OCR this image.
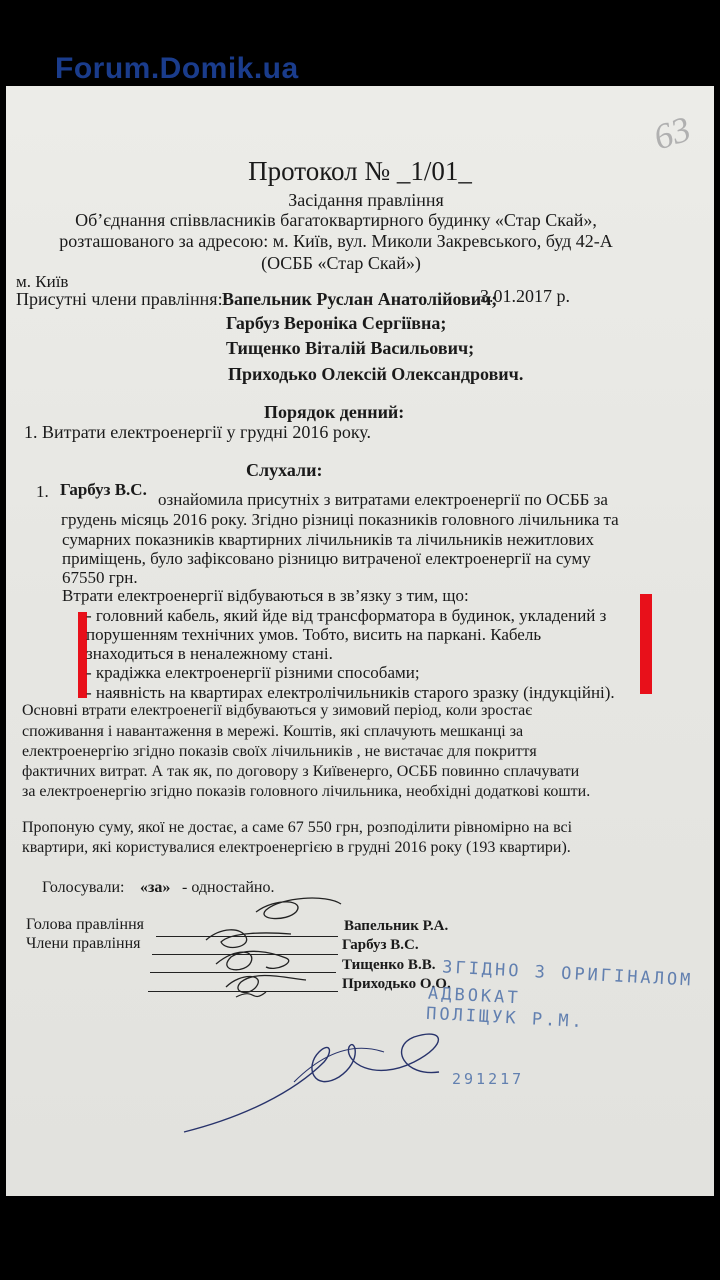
Forum.Domik.ua
63
Протокол № _1/01_
Засідання правління
Об’єднання співвласників багатоквартирного будинку «Стар Скай»,
розташованого за адресою: м. Київ, вул. Миколи Закревського, буд 42-А
(ОСББ «Стар Скай»)
м. Київ
3.01.2017 р.
Присутні члени правління: Вапельник Руслан Анатолійович;
Гарбуз Вероніка Сергіївна;
Тищенко Віталій Васильович;
Приходько Олексій Олександрович.
Порядок денний:
1. Витрати електроенергії у грудні 2016 року.
Слухали:
1. Гарбуз В.С.
ознайомила присутніх з витратами електроенергії по ОСББ за
грудень місяць 2016 року. Згідно різниці показників головного лічильника та
сумарних показників квартирних лічильників та лічильників нежитлових
приміщень, було зафіксовано різницю витраченої електроенергії на суму
67550 грн.
Втрати електроенергії відбуваються в зв’язку з тим, що:
- головний кабель, який йде від трансформатора в будинок, укладений з
порушенням технічних умов. Тобто, висить на паркані. Кабель
знаходиться в неналежному стані.
- крадіжка електроенергії різними способами;
- наявність на квартирах електролічильників старого зразку (індукційні).
Основні втрати електроенегії відбуваються у зимовий період, коли зростає
споживання і навантаження в мережі. Коштів, які сплачують мешканці за
електроенергію згідно показів своїх лічильників , не вистачає для покриття
фактичних витрат. А так як, по договору з Київенерго, ОСББ повинно сплачувати
за електроенергію згідно показів головного лічильника, необхідні додаткові кошти.
Пропоную суму, якої не достає, а саме 67 550 грн, розподілити рівномірно на всі
квартири, які користувалися електроенергією в грудні 2016 року (193 квартири).
Голосували: «за» - одностайно.
Голова правління
Члени правління
Вапельник Р.А.
Гарбуз В.С.
Тищенко В.В.
Приходько О.О.
ЗГІДНО З ОРИГІНАЛОМ
АДВОКАТ
ПОЛІЩУК Р.М.
291217
